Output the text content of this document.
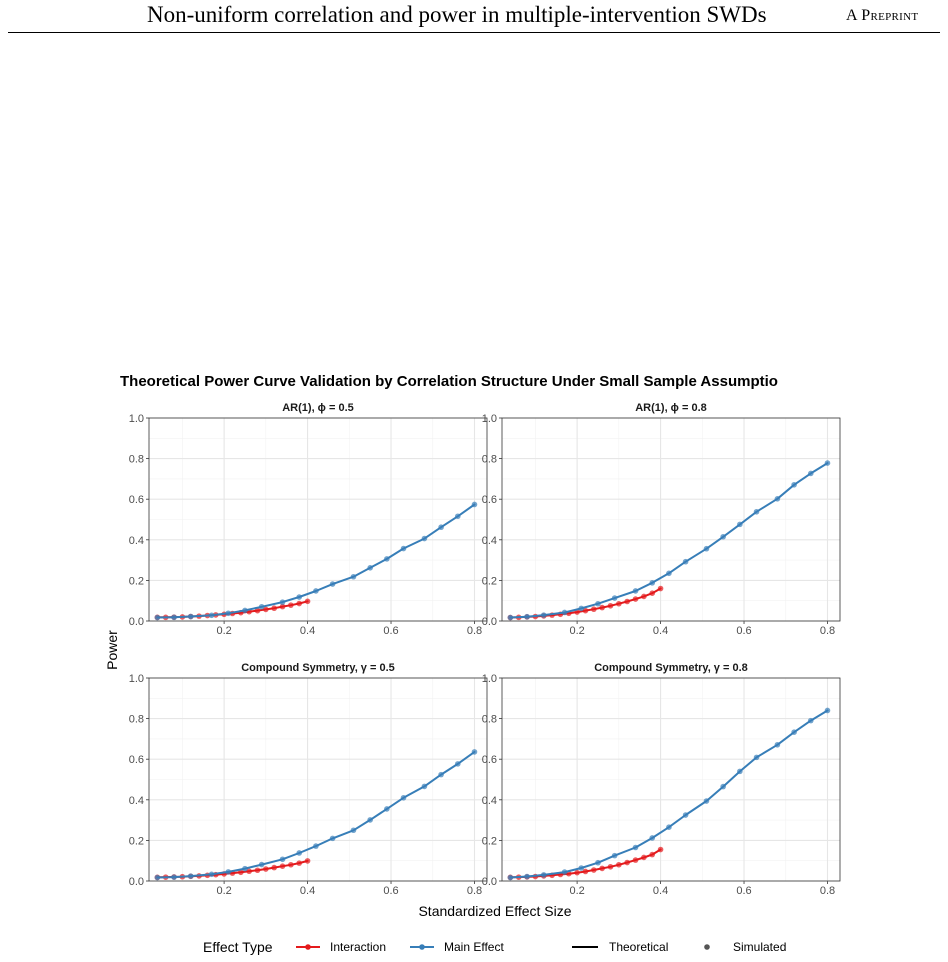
Non-uniform correlation and power in multiple-intervention SWDs	A Preprint
Theoretical Power Curve Validation by Correlation Structure Under Small Sample Assumptio
AR(1), ϕ = 0.5
0.2	0.4	0.6	0.8
0.0
0.2
0.4
0.6
0.8
1.0
AR(1), ϕ = 0.8
0.2	0.4	0.6	0.8
0.0
0.2
0.4
0.6
0.8
1.0
Compound Symmetry, γ = 0.5
0.2	0.4	0.6	0.8
0.0
0.2
0.4
0.6
0.8
1.0
Compound Symmetry, γ = 0.8
0.2	0.4	0.6	0.8
0.0
0.2
0.4
0.6
0.8
1.0
Standardized Effect Size
Power
Effect Type	Interaction	Main Effect	Theoretical	Simulated
